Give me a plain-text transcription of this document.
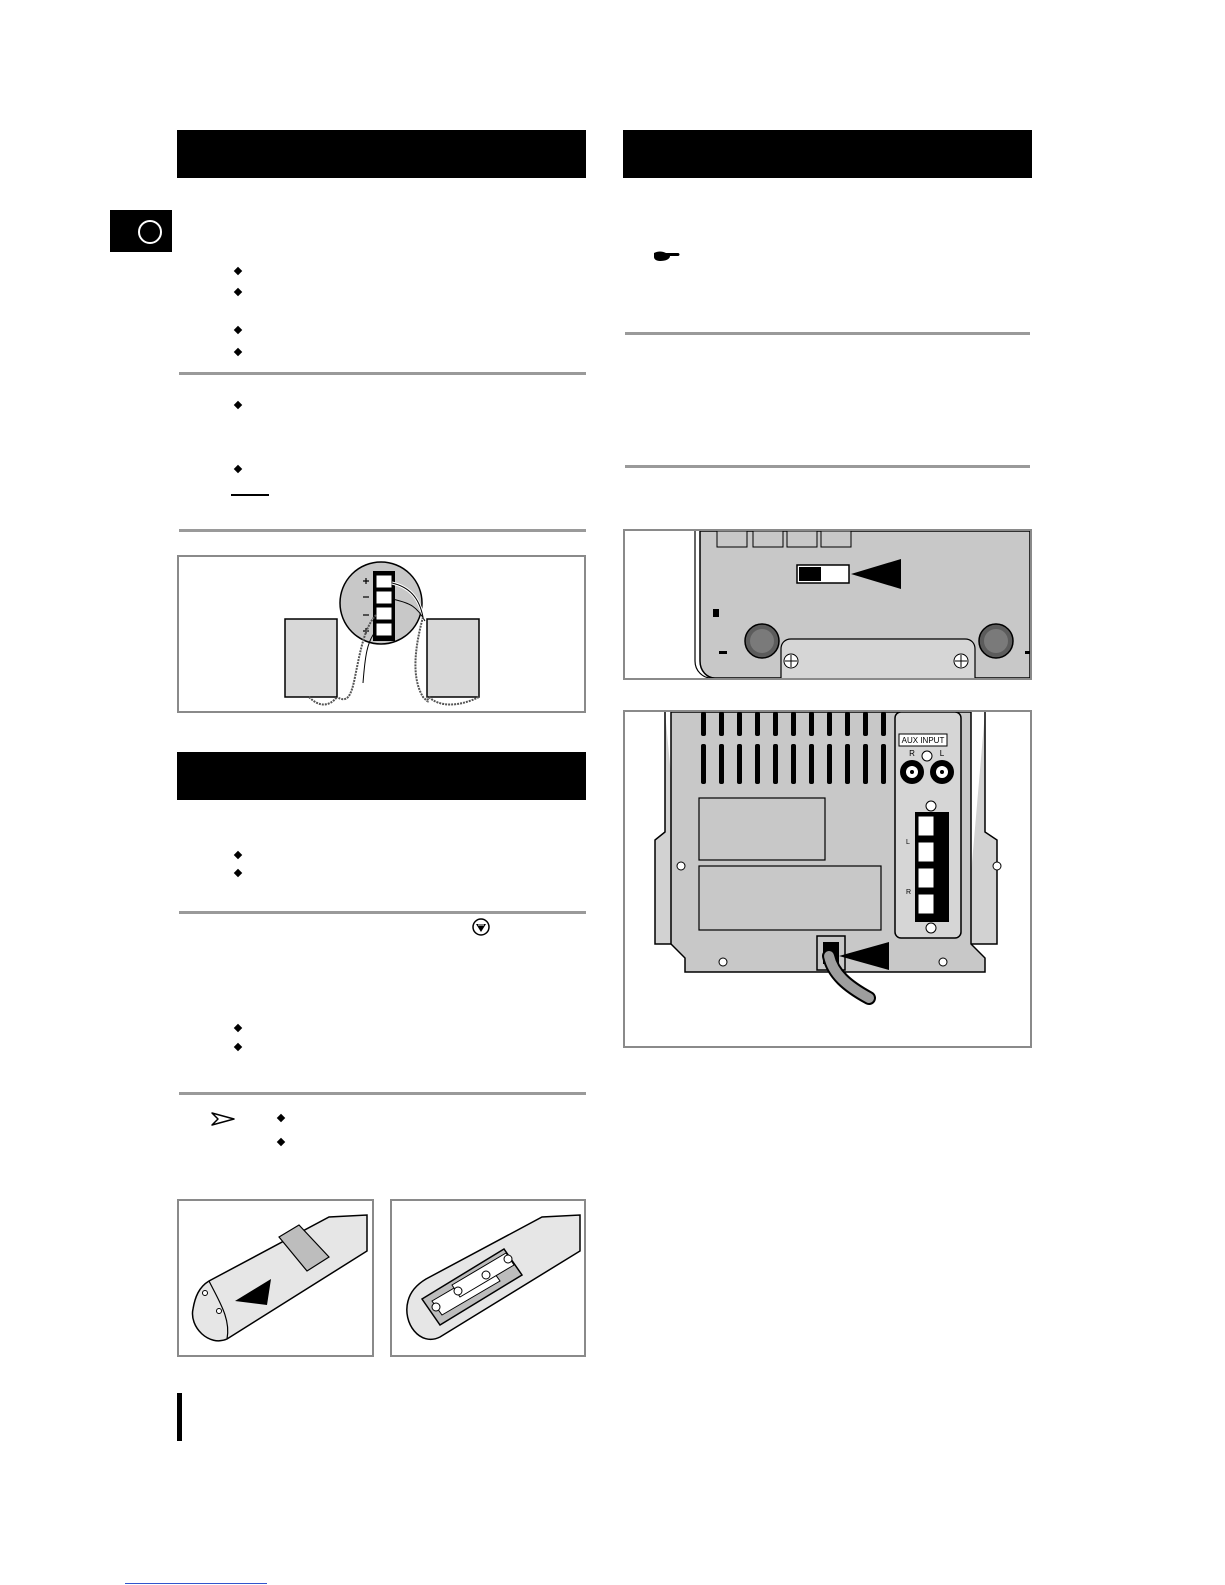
AUX INPUT
R	L
L
R
